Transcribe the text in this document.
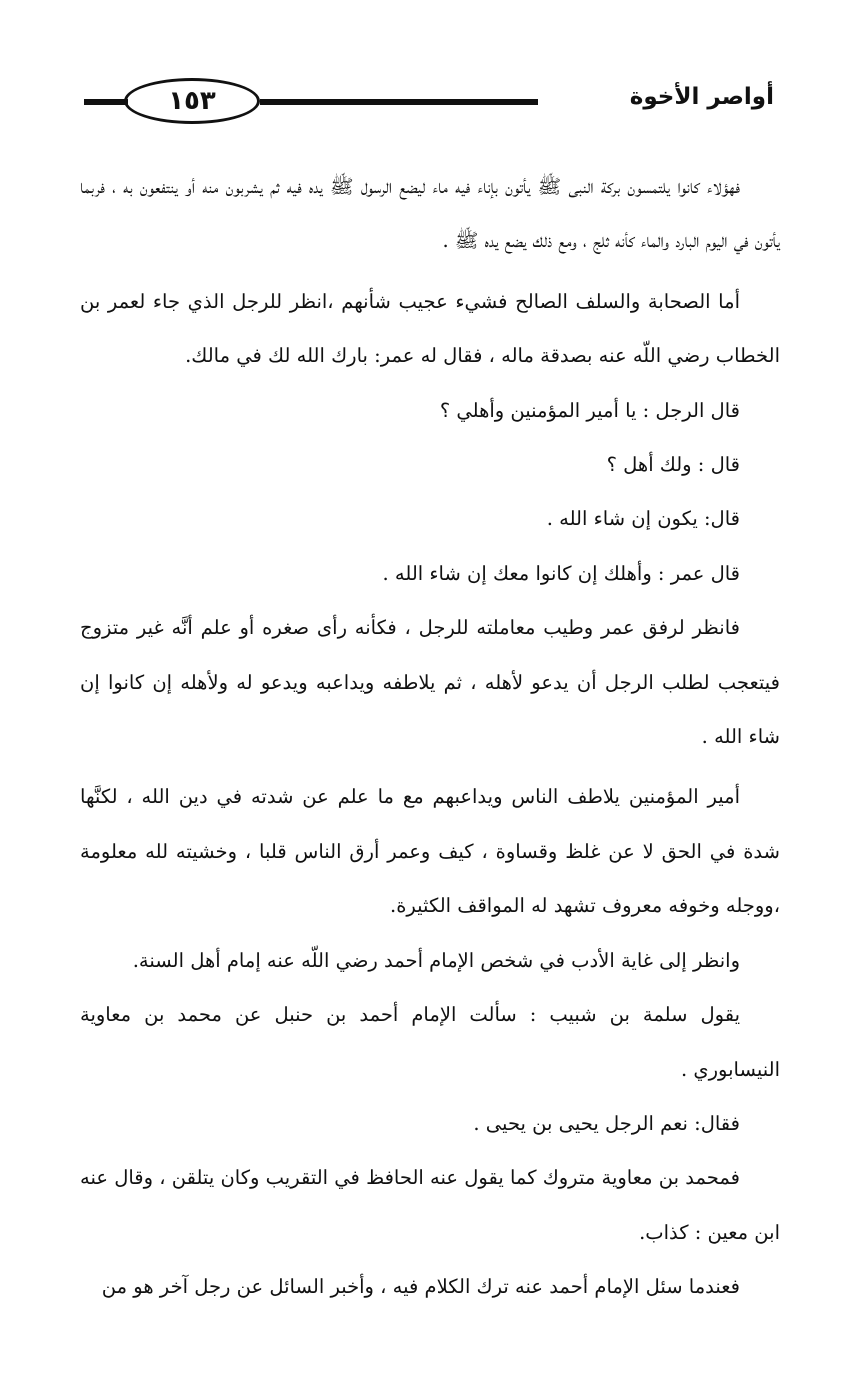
١٥٣	أواصر الأخوة

فهؤلاء كانوا يلتمسون بركة النبى ﷺ يأتون بإناء فيه ماء ليضع الرسول ﷺ يده فيه ثم يشربون منه أو ينتفعون به ، فربما يأتون في اليوم البارد والماء كأنه ثلج ، ومع ذلك يضع يده ﷺ .

أما الصحابة والسلف الصالح فشيء عجيب شأنهم ،انظر للرجل الذي جاء لعمر بن الخطاب رضي اللّه عنه بصدقة ماله ، فقال له عمر: بارك الله لك في مالك.

قال الرجل : يا أمير المؤمنين وأهلي ؟

قال : ولك أهل ؟

قال: يكون إن شاء الله .

قال عمر : وأهلك إن كانوا معك إن شاء الله .

فانظر لرفق عمر وطيب معاملته للرجل ، فكأنه رأى صغره أو علم أنَّه غير متزوج فيتعجب لطلب الرجل أن يدعو لأهله ، ثم يلاطفه ويداعبه ويدعو له ولأهله إن كانوا إن شاء الله .

أمير المؤمنين يلاطف الناس ويداعبهم مع ما علم عن شدته في دين الله ، لكنَّها شدة في الحق لا عن غلظ وقساوة ، كيف وعمر أرق الناس قلبا ، وخشيته لله معلومة ،ووجله وخوفه معروف تشهد له المواقف الكثيرة.

وانظر إلى غاية الأدب في شخص الإمام أحمد رضي اللّه عنه إمام أهل السنة.

يقول سلمة بن شبيب : سألت الإمام أحمد بن حنبل عن محمد بن معاوية النيسابوري .

فقال: نعم الرجل يحيى بن يحيى .

فمحمد بن معاوية متروك كما يقول عنه الحافظ في التقريب وكان يتلقن ، وقال عنه ابن معين : كذاب.

فعندما سئل الإمام أحمد عنه ترك الكلام فيه ، وأخبر السائل عن رجل آخر هو من
